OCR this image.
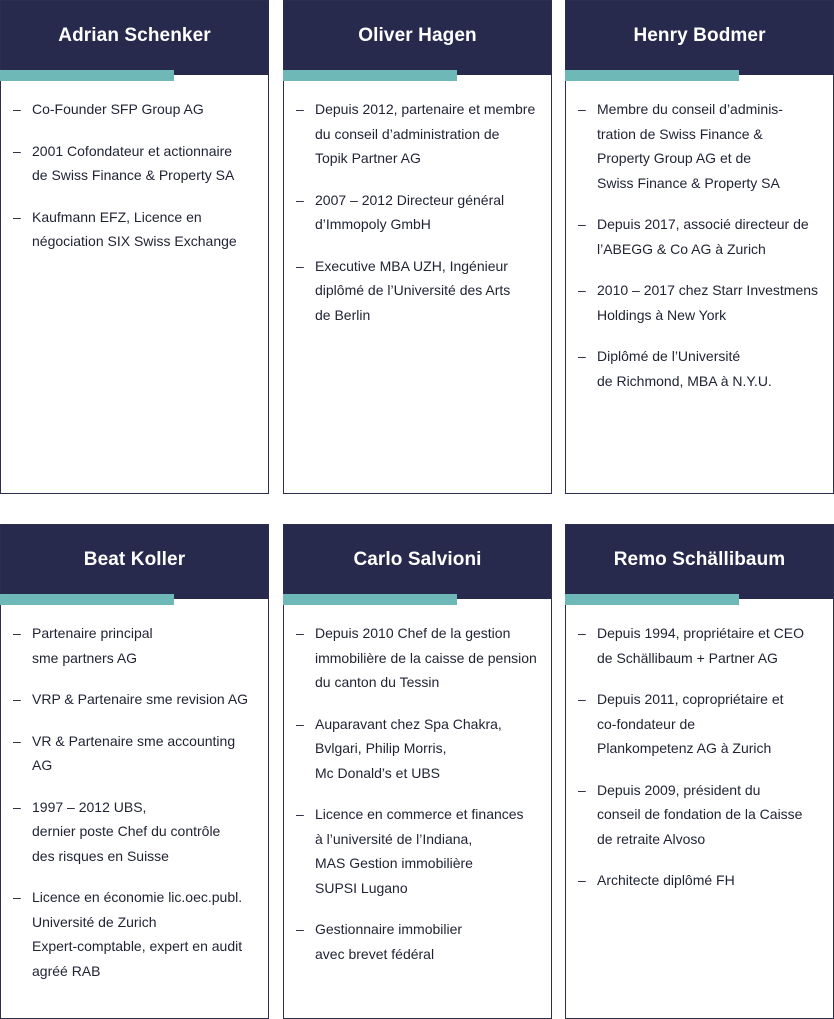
Adrian Schenker
– Co-Founder SFP Group AG
– 2001 Cofondateur et actionnaire
de Swiss Finance & Property SA
– Kaufmann EFZ, Licence en
négociation SIX Swiss Exchange
Oliver Hagen
– Depuis 2012, partenaire et membre
du conseil d’administration de
Topik Partner AG
– 2007 – 2012 Directeur général
d’Immopoly GmbH
– Executive MBA UZH, Ingénieur
diplômé de l’Université des Arts
de Berlin
Henry Bodmer
– Membre du conseil d’adminis-
tration de Swiss Finance &
Property Group AG et de
Swiss Finance & Property SA
– Depuis 2017, associé directeur de
l’ABEGG & Co AG à Zurich
– 2010 – 2017 chez Starr Investmens
Holdings à New York
– Diplômé de l’Université
de Richmond, MBA à N.Y.U.
Beat Koller
– Partenaire principal
sme partners AG
– VRP & Partenaire sme revision AG
– VR & Partenaire sme accounting AG
– 1997 – 2012 UBS,
dernier poste Chef du contrôle
des risques en Suisse
– Licence en économie lic.oec.publ.
Université de Zurich
Expert-comptable, expert en audit
agréé RAB
Carlo Salvioni
– Depuis 2010 Chef de la gestion
immobilière de la caisse de pension
du canton du Tessin
– Auparavant chez Spa Chakra,
Bvlgari, Philip Morris,
Mc Donald’s et UBS
– Licence en commerce et finances
à l’université de l’Indiana,
MAS Gestion immobilière
SUPSI Lugano
– Gestionnaire immobilier
avec brevet fédéral
Remo Schällibaum
– Depuis 1994, propriétaire et CEO
de Schällibaum + Partner AG
– Depuis 2011, copropriétaire et
co-fondateur de
Plankompetenz AG à Zurich
– Depuis 2009, président du
conseil de fondation de la Caisse
de retraite Alvoso
– Architecte diplômé FH
